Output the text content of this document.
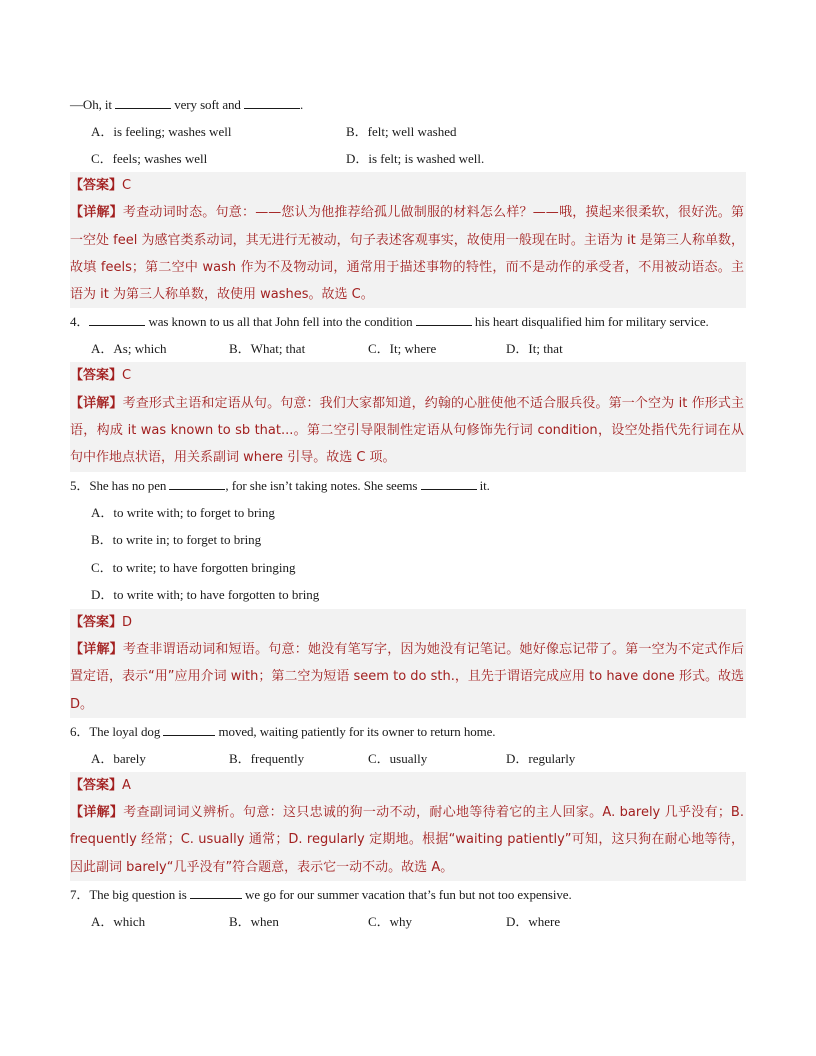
—Oh, it	very soft and	.
A．is feeling; washes well	B．felt; well washed
C．feels; washes well	D．is felt; is washed well.
【答案】C
【详解】考查动词时态。句意：——您认为他推荐给孤儿做制服的材料怎么样？——哦，摸起来很柔软，很好洗。第一空处 feel 为感官类系动词，其无进行无被动，句子表述客观事实，故使用一般现在时。主语为 it 是第三人称单数，故填 feels；第二空中 wash 作为不及物动词，通常用于描述事物的特性，而不是动作的承受者，不用被动语态。主语为 it 为第三人称单数，故使用 washes。故选 C。
4．	was known to us all that John fell into the condition	his heart disqualified him for military service.
A．As; which	B．What; that	C．It; where	D．It; that
【答案】C
【详解】考查形式主语和定语从句。句意：我们大家都知道，约翰的心脏使他不适合服兵役。第一个空为 it 作形式主语，构成 it was known to sb that...。第二空引导限制性定语从句修饰先行词 condition，设空处指代先行词在从句中作地点状语，用关系副词 where 引导。故选 C 项。
5．She has no pen	, for she isn’t taking notes. She seems	it.
A．to write with; to forget to bring
B．to write in; to forget to bring
C．to write; to have forgotten bringing
D．to write with; to have forgotten to bring
【答案】D
【详解】考查非谓语动词和短语。句意：她没有笔写字，因为她没有记笔记。她好像忘记带了。第一空为不定式作后置定语，表示“用”应用介词 with；第二空为短语 seem to do sth.，且先于谓语完成应用 to have done 形式。故选 D。
6．The loyal dog	moved, waiting patiently for its owner to return home.
A．barely	B．frequently	C．usually	D．regularly
【答案】A
【详解】考查副词词义辨析。句意：这只忠诚的狗一动不动，耐心地等待着它的主人回家。A. barely 几乎没有；B. frequently 经常；C. usually 通常；D. regularly 定期地。根据“waiting patiently”可知，这只狗在耐心地等待，因此副词 barely“几乎没有”符合题意，表示它一动不动。故选 A。
7．The big question is	we go for our summer vacation that’s fun but not too expensive.
A．which	B．when	C．why	D．where
